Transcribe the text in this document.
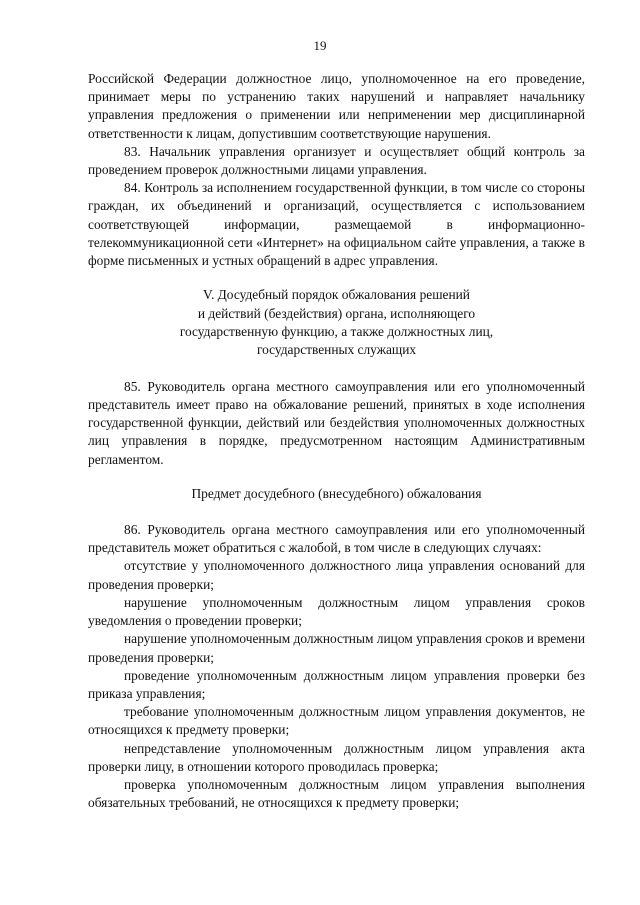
19

Российской Федерации должностное лицо, уполномоченное на его проведение, принимает меры по устранению таких нарушений и направляет начальнику управления предложения о применении или неприменении мер дисциплинарной ответственности к лицам, допустившим соответствующие нарушения.

83. Начальник управления организует и осуществляет общий контроль за проведением проверок должностными лицами управления.

84. Контроль за исполнением государственной функции, в том числе со стороны граждан, их объединений и организаций, осуществляется с использованием соответствующей информации, размещаемой в информационно-телекоммуникационной сети «Интернет» на официальном сайте управления, а также в форме письменных и устных обращений в адрес управления.

V. Досудебный порядок обжалования решений
и действий (бездействия) органа, исполняющего
государственную функцию, а также должностных лиц,
государственных служащих

85. Руководитель органа местного самоуправления или его уполномоченный представитель имеет право на обжалование решений, принятых в ходе исполнения государственной функции, действий или бездействия уполномоченных должностных лиц управления в порядке, предусмотренном настоящим Административным регламентом.

Предмет досудебного (внесудебного) обжалования

86. Руководитель органа местного самоуправления или его уполномоченный представитель может обратиться с жалобой, в том числе в следующих случаях:

отсутствие у уполномоченного должностного лица управления оснований для проведения проверки;

нарушение уполномоченным должностным лицом управления сроков уведомления о проведении проверки;

нарушение уполномоченным должностным лицом управления сроков и времени проведения проверки;

проведение уполномоченным должностным лицом управления проверки без приказа управления;

требование уполномоченным должностным лицом управления документов, не относящихся к предмету проверки;

непредставление уполномоченным должностным лицом управления акта проверки лицу, в отношении которого проводилась проверка;

проверка уполномоченным должностным лицом управления выполнения обязательных требований, не относящихся к предмету проверки;
